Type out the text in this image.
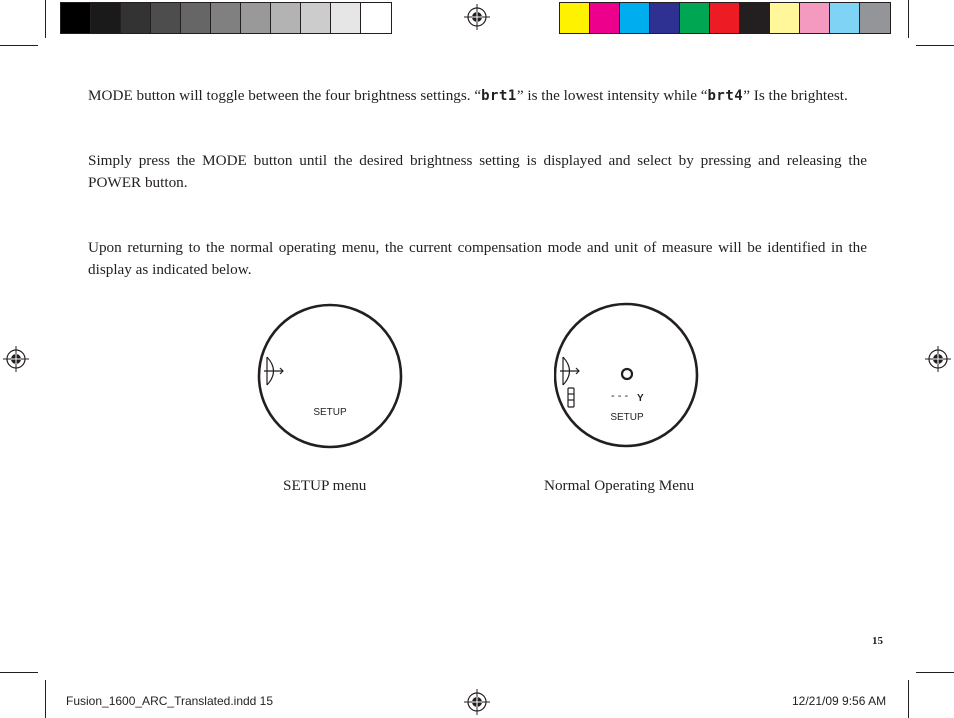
MODE button will toggle between the four brightness settings. “brt1” is the lowest intensity while “brt4” Is the brightest.
Simply press the MODE button until the desired brightness setting is displayed and select by pressing and releasing the POWER button.
Upon returning to the normal operating menu, the current compensation mode and unit of measure will be identified in the display as indicated below.
SETUP
SETUP menu
- - - Y
SETUP
Normal Operating Menu
15
Fusion_1600_ARC_Translated.indd 15	12/21/09 9:56 AM
